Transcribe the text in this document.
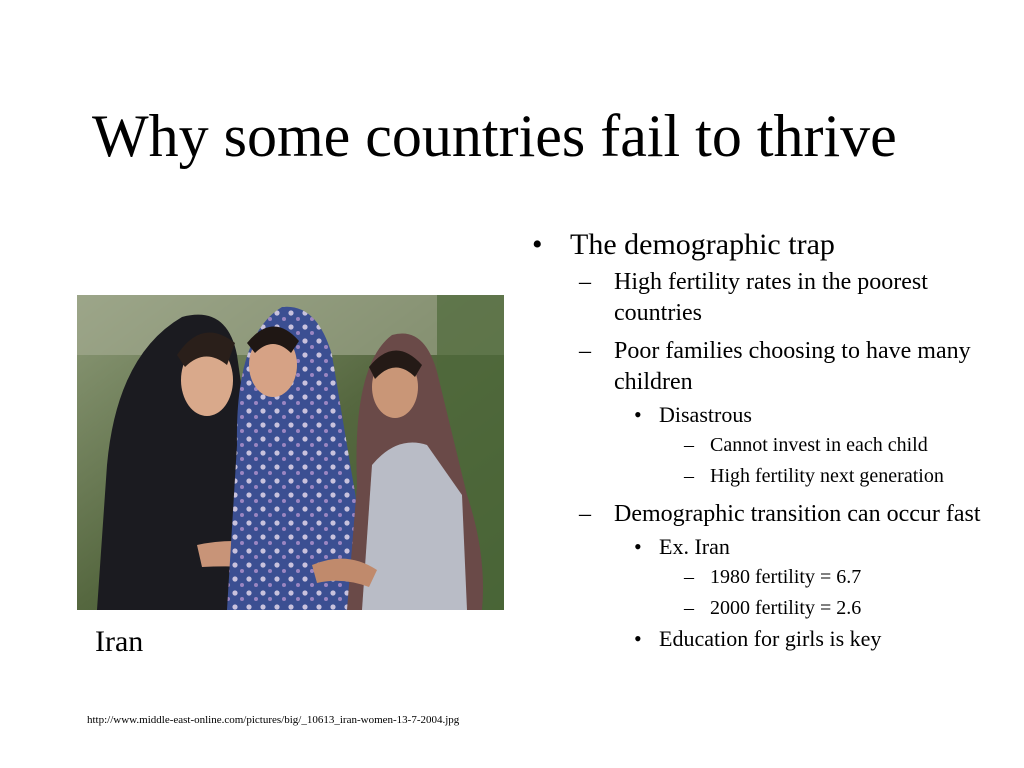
Why some countries fail to thrive
Iran
• The demographic trap
– High fertility rates in the poorest countries
– Poor families choosing to have many children
• Disastrous
– Cannot invest in each child
– High fertility next generation
– Demographic transition can occur fast
• Ex. Iran
– 1980 fertility = 6.7
– 2000 fertility = 2.6
• Education for girls is key
http://www.middle-east-online.com/pictures/big/_10613_iran-women-13-7-2004.jpg
